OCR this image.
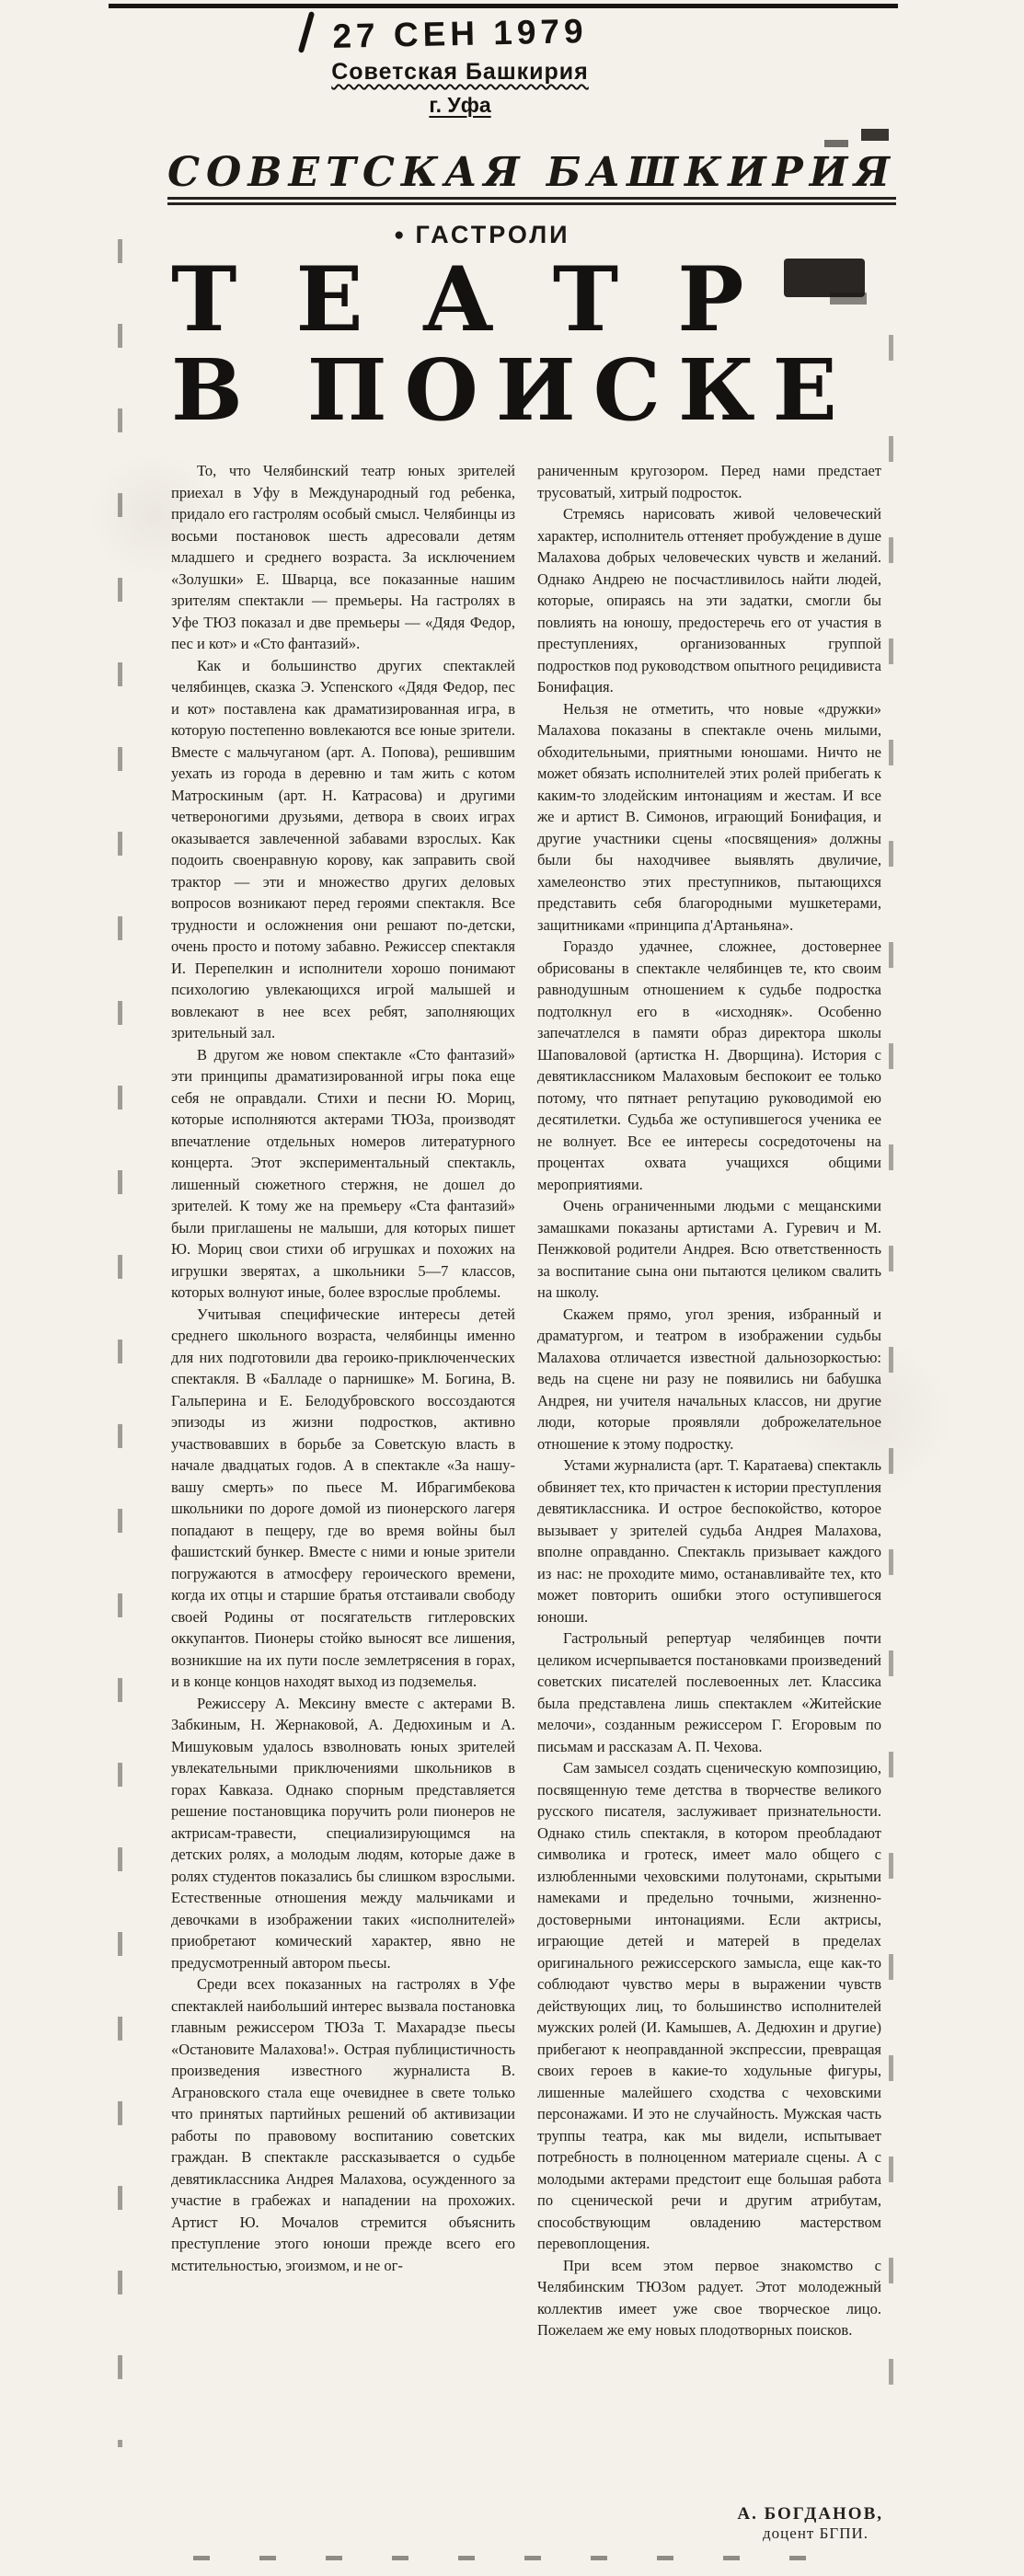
27 СЕН 1979
Советская Башкирия
г. Уфа
СОВЕТСКАЯ БАШКИРИЯ
● ГАСТРОЛИ
ТЕАТР
В ПОИСКЕ

То, что Челябинский театр юных зрителей приехал в Уфу в Международный год ребенка, придало его гастролям особый смысл. Челябинцы из восьми постановок шесть адресовали детям младшего и среднего возраста. За исключением «Золушки» Е. Шварца, все показанные нашим зрителям спектакли — премьеры. На гастролях в Уфе ТЮЗ показал и две премьеры — «Дядя Федор, пес и кот» и «Сто фантазий».

Как и большинство других спектаклей челябинцев, сказка Э. Успенского «Дядя Федор, пес и кот» поставлена как драматизированная игра, в которую постепенно вовлекаются все юные зрители. Вместе с мальчуганом (арт. А. Попова), решившим уехать из города в деревню и там жить с котом Матроскиным (арт. Н. Катрасова) и другими четвероногими друзьями, детвора в своих играх оказывается завлеченной забавами взрослых. Как подоить своенравную корову, как заправить свой трактор — эти и множество других деловых вопросов возникают перед героями спектакля. Все трудности и осложнения они решают по-детски, очень просто и потому забавно. Режиссер спектакля И. Перепелкин и исполнители хорошо понимают психологию увлекающихся игрой малышей и вовлекают в нее всех ребят, заполняющих зрительный зал.

В другом же новом спектакле «Сто фантазий» эти принципы драматизированной игры пока еще себя не оправдали. Стихи и песни Ю. Мориц, которые исполняются актерами ТЮЗа, производят впечатление отдельных номеров литературного концерта. Этот экспериментальный спектакль, лишенный сюжетного стержня, не дошел до зрителей. К тому же на премьеру «Ста фантазий» были приглашены не малыши, для которых пишет Ю. Мориц свои стихи об игрушках и похожих на игрушки зверятах, а школьники 5—7 классов, которых волнуют иные, более взрослые проблемы.

Учитывая специфические интересы детей среднего школьного возраста, челябинцы именно для них подготовили два героико-приключенческих спектакля. В «Балладе о парнишке» М. Богина, В. Гальперина и Е. Белодубровского воссоздаются эпизоды из жизни подростков, активно участвовавших в борьбе за Советскую власть в начале двадцатых годов. А в спектакле «За нашу-вашу смерть» по пьесе М. Ибрагимбекова школьники по дороге домой из пионерского лагеря попадают в пещеру, где во время войны был фашистский бункер. Вместе с ними и юные зрители погружаются в атмосферу героического времени, когда их отцы и старшие братья отстаивали свободу своей Родины от посягательств гитлеровских оккупантов. Пионеры стойко выносят все лишения, возникшие на их пути после землетрясения в горах, и в конце концов находят выход из подземелья.

Режиссеру А. Мексину вместе с актерами В. Забкиным, Н. Жернаковой, А. Дедюхиным и А. Мишуковым удалось взволновать юных зрителей увлекательными приключениями школьников в горах Кавказа. Однако спорным представляется решение постановщика поручить роли пионеров не актрисам-травести, специализирующимся на детских ролях, а молодым людям, которые даже в ролях студентов показались бы слишком взрослыми. Естественные отношения между мальчиками и девочками в изображении таких «исполнителей» приобретают комический характер, явно не предусмотренный автором пьесы.

Среди всех показанных на гастролях в Уфе спектаклей наибольший интерес вызвала постановка главным режиссером ТЮЗа Т. Махарадзе пьесы «Остановите Малахова!». Острая публицистичность произведения известного журналиста В. Аграновского стала еще очевиднее в свете только что принятых партийных решений об активизации работы по правовому воспитанию советских граждан. В спектакле рассказывается о судьбе девятиклассника Андрея Малахова, осужденного за участие в грабежах и нападении на прохожих. Артист Ю. Мочалов стремится объяснить преступление этого юноши прежде всего его мстительностью, эгоизмом, и не ог-

раниченным кругозором. Перед нами предстает трусоватый, хитрый подросток.

Стремясь нарисовать живой человеческий характер, исполнитель оттеняет пробуждение в душе Малахова добрых человеческих чувств и желаний. Однако Андрею не посчастливилось найти людей, которые, опираясь на эти задатки, смогли бы повлиять на юношу, предостеречь его от участия в преступлениях, организованных группой подростков под руководством опытного рецидивиста Бонифация.

Нельзя не отметить, что новые «дружки» Малахова показаны в спектакле очень милыми, обходительными, приятными юношами. Ничто не может обязать исполнителей этих ролей прибегать к каким-то злодейским интонациям и жестам. И все же и артист В. Симонов, играющий Бонифация, и другие участники сцены «посвящения» должны были бы находчивее выявлять двуличие, хамелеонство этих преступников, пытающихся представить себя благородными мушкетерами, защитниками «принципа д'Артаньяна».

Гораздо удачнее, сложнее, достовернее обрисованы в спектакле челябинцев те, кто своим равнодушным отношением к судьбе подростка подтолкнул его в «исходняк». Особенно запечатлелся в памяти образ директора школы Шаповаловой (артистка Н. Дворщина). История с девятиклассником Малаховым беспокоит ее только потому, что пятнает репутацию руководимой ею десятилетки. Судьба же оступившегося ученика ее не волнует. Все ее интересы сосредоточены на процентах охвата учащихся общими мероприятиями.

Очень ограниченными людьми с мещанскими замашками показаны артистами А. Гуревич и М. Пенжковой родители Андрея. Всю ответственность за воспитание сына они пытаются целиком свалить на школу.

Скажем прямо, угол зрения, избранный и драматургом, и театром в изображении судьбы Малахова отличается известной дальнозоркостью: ведь на сцене ни разу не появились ни бабушка Андрея, ни учителя начальных классов, ни другие люди, которые проявляли доброжелательное отношение к этому подростку.

Устами журналиста (арт. Т. Каратаева) спектакль обвиняет тех, кто причастен к истории преступления девятиклассника. И острое беспокойство, которое вызывает у зрителей судьба Андрея Малахова, вполне оправданно. Спектакль призывает каждого из нас: не проходите мимо, останавливайте тех, кто может повторить ошибки этого оступившегося юноши.

Гастрольный репертуар челябинцев почти целиком исчерпывается постановками произведений советских писателей послевоенных лет. Классика была представлена лишь спектаклем «Житейские мелочи», созданным режиссером Г. Егоровым по письмам и рассказам А. П. Чехова.

Сам замысел создать сценическую композицию, посвященную теме детства в творчестве великого русского писателя, заслуживает признательности. Однако стиль спектакля, в котором преобладают символика и гротеск, имеет мало общего с излюбленными чеховскими полутонами, скрытыми намеками и предельно точными, жизненно-достоверными интонациями. Если актрисы, играющие детей и матерей в пределах оригинального режиссерского замысла, еще как-то соблюдают чувство меры в выражении чувств действующих лиц, то большинство исполнителей мужских ролей (И. Камышев, А. Дедюхин и другие) прибегают к неоправданной экспрессии, превращая своих героев в какие-то ходульные фигуры, лишенные малейшего сходства с чеховскими персонажами. И это не случайность. Мужская часть труппы театра, как мы видели, испытывает потребность в полноценном материале сцены. А с молодыми актерами предстоит еще большая работа по сценической речи и другим атрибутам, способствующим овладению мастерством перевоплощения.

При всем этом первое знакомство с Челябинским ТЮЗом радует. Этот молодежный коллектив имеет уже свое творческое лицо. Пожелаем же ему новых плодотворных поисков.

А. БОГДАНОВ,
доцент БГПИ.
